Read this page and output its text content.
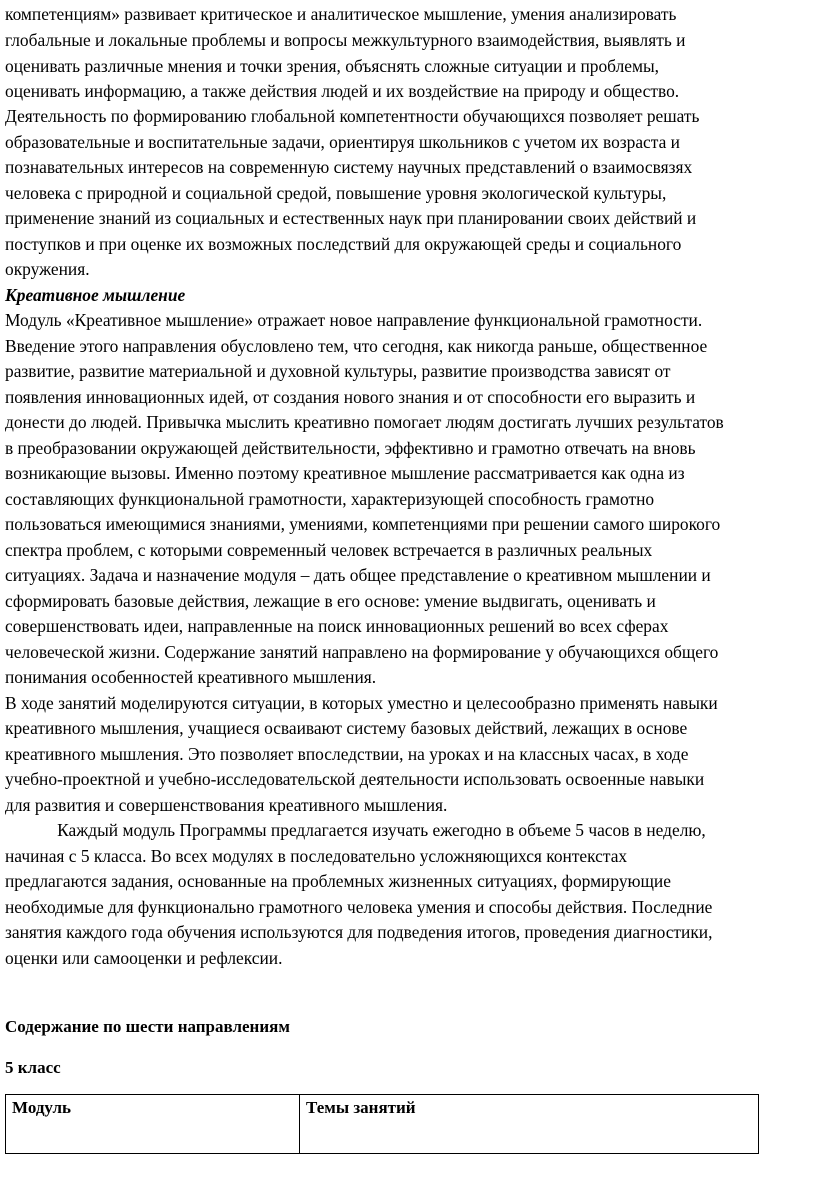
компетенциям» развивает критическое и аналитическое мышление, умения анализировать
глобальные и локальные проблемы и вопросы межкультурного взаимодействия, выявлять и
оценивать различные мнения и точки зрения, объяснять сложные ситуации и проблемы,
оценивать информацию, а также действия людей и их воздействие на природу и общество.
Деятельность по формированию глобальной компетентности обучающихся позволяет решать
образовательные и воспитательные задачи, ориентируя школьников с учетом их возраста и
познавательных интересов на современную систему научных представлений о взаимосвязях
человека с природной и социальной средой, повышение уровня экологической культуры,
применение знаний из социальных и естественных наук при планировании своих действий и
поступков и при оценке их возможных последствий для окружающей среды и социального
окружения.
Креативное мышление
Модуль «Креативное мышление» отражает новое направление функциональной грамотности.
Введение этого направления обусловлено тем, что сегодня, как никогда раньше, общественное
развитие, развитие материальной и духовной культуры, развитие производства зависят от
появления инновационных идей, от создания нового знания и от способности его выразить и
донести до людей. Привычка мыслить креативно помогает людям достигать лучших результатов
в преобразовании окружающей действительности, эффективно и грамотно отвечать на вновь
возникающие вызовы. Именно поэтому креативное мышление рассматривается как одна из
составляющих функциональной грамотности, характеризующей способность грамотно
пользоваться имеющимися знаниями, умениями, компетенциями при решении самого широкого
спектра проблем, с которыми современный человек встречается в различных реальных
ситуациях. Задача и назначение модуля – дать общее представление о креативном мышлении и
сформировать базовые действия, лежащие в его основе: умение выдвигать, оценивать и
совершенствовать идеи, направленные на поиск инновационных решений во всех сферах
человеческой жизни. Содержание занятий направлено на формирование у обучающихся общего
понимания особенностей креативного мышления.
В ходе занятий моделируются ситуации, в которых уместно и целесообразно применять навыки
креативного мышления, учащиеся осваивают систему базовых действий, лежащих в основе
креативного мышления. Это позволяет впоследствии, на уроках и на классных часах, в ходе
учебно-проектной и учебно-исследовательской деятельности использовать освоенные навыки
для развития и совершенствования креативного мышления.
Каждый модуль Программы предлагается изучать ежегодно в объеме 5 часов в неделю,
начиная с 5 класса. Во всех модулях в последовательно усложняющихся контекстах
предлагаются задания, основанные на проблемных жизненных ситуациях, формирующие
необходимые для функционально грамотного человека умения и способы действия. Последние
занятия каждого года обучения используются для подведения итогов, проведения диагностики,
оценки или самооценки и рефлексии.
Содержание по шести направлениям
5 класс
Модуль	Темы занятий
